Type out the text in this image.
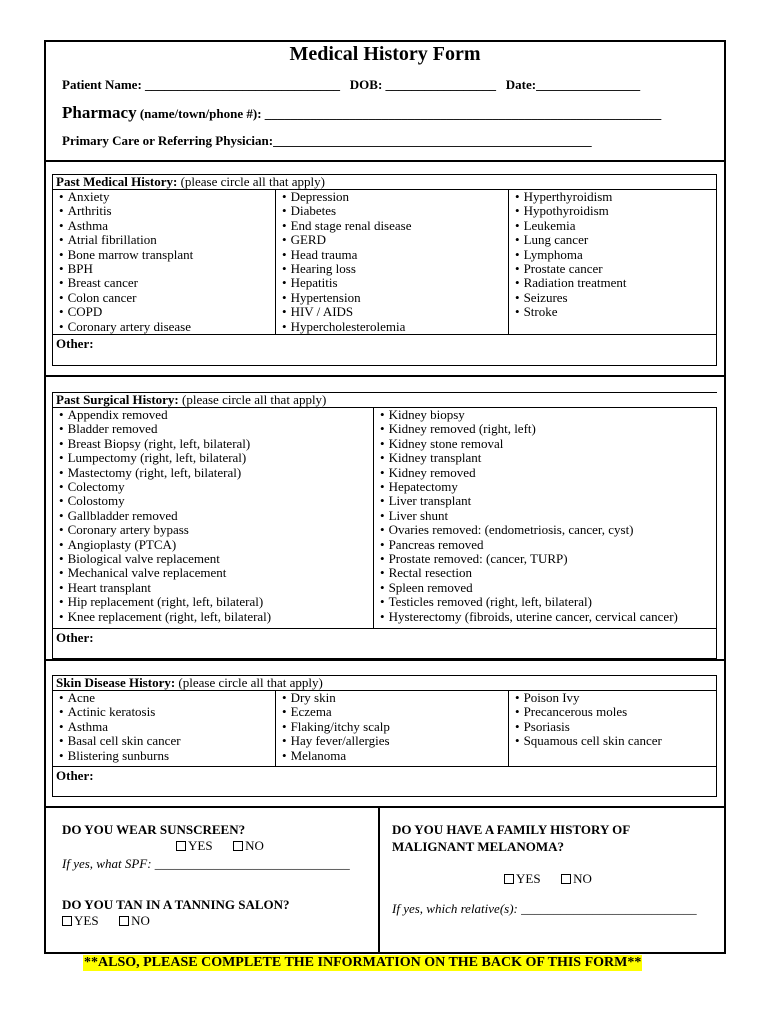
Medical History Form
Patient Name: ______________________________   DOB: _________________   Date:________________
Pharmacy (name/town/phone #): _____________________________________________________________
Primary Care or Referring Physician:_________________________________________________
Past Medical History: (please circle all that apply)

• Anxiety
• Arthritis
• Asthma
• Atrial fibrillation
• Bone marrow transplant
• BPH
• Breast cancer
• Colon cancer
• COPD
• Coronary artery disease

• Depression
• Diabetes
• End stage renal disease
• GERD
• Head trauma
• Hearing loss
• Hepatitis
• Hypertension
• HIV / AIDS
• Hypercholesterolemia

• Hyperthyroidism
• Hypothyroidism
• Leukemia
• Lung cancer
• Lymphoma
• Prostate cancer
• Radiation treatment
• Seizures
• Stroke

Other:
Past Surgical History: (please circle all that apply)

• Appendix removed
• Bladder removed
• Breast Biopsy (right, left, bilateral)
• Lumpectomy (right, left, bilateral)
• Mastectomy (right, left, bilateral)
• Colectomy
• Colostomy
• Gallbladder removed
• Coronary artery bypass
• Angioplasty (PTCA)
• Biological valve replacement
• Mechanical valve replacement
• Heart transplant
• Hip replacement (right, left, bilateral)
• Knee replacement (right, left, bilateral)

• Kidney biopsy
• Kidney removed (right, left)
• Kidney stone removal
• Kidney transplant
• Kidney removed
• Hepatectomy
• Liver transplant
• Liver shunt
• Ovaries removed: (endometriosis, cancer, cyst)
• Pancreas removed
• Prostate removed: (cancer, TURP)
• Rectal resection
• Spleen removed
• Testicles removed (right, left, bilateral)
• Hysterectomy (fibroids, uterine cancer, cervical cancer)

Other:
Skin Disease History: (please circle all that apply)

• Acne
• Actinic keratosis
• Asthma
• Basal cell skin cancer
• Blistering sunburns

• Dry skin
• Eczema
• Flaking/itchy scalp
• Hay fever/allergies
• Melanoma

• Poison Ivy
• Precancerous moles
• Psoriasis
• Squamous cell skin cancer

Other:
DO YOU WEAR SUNSCREEN?
YES	NO
If yes, what SPF: ______________________________
DO YOU TAN IN A TANNING SALON?
YES	NO
DO YOU HAVE A FAMILY HISTORY OF
MALIGNANT MELANOMA?
YES	NO
If yes, which relative(s): ___________________________
**ALSO, PLEASE COMPLETE THE INFORMATION ON THE BACK OF THIS FORM**
